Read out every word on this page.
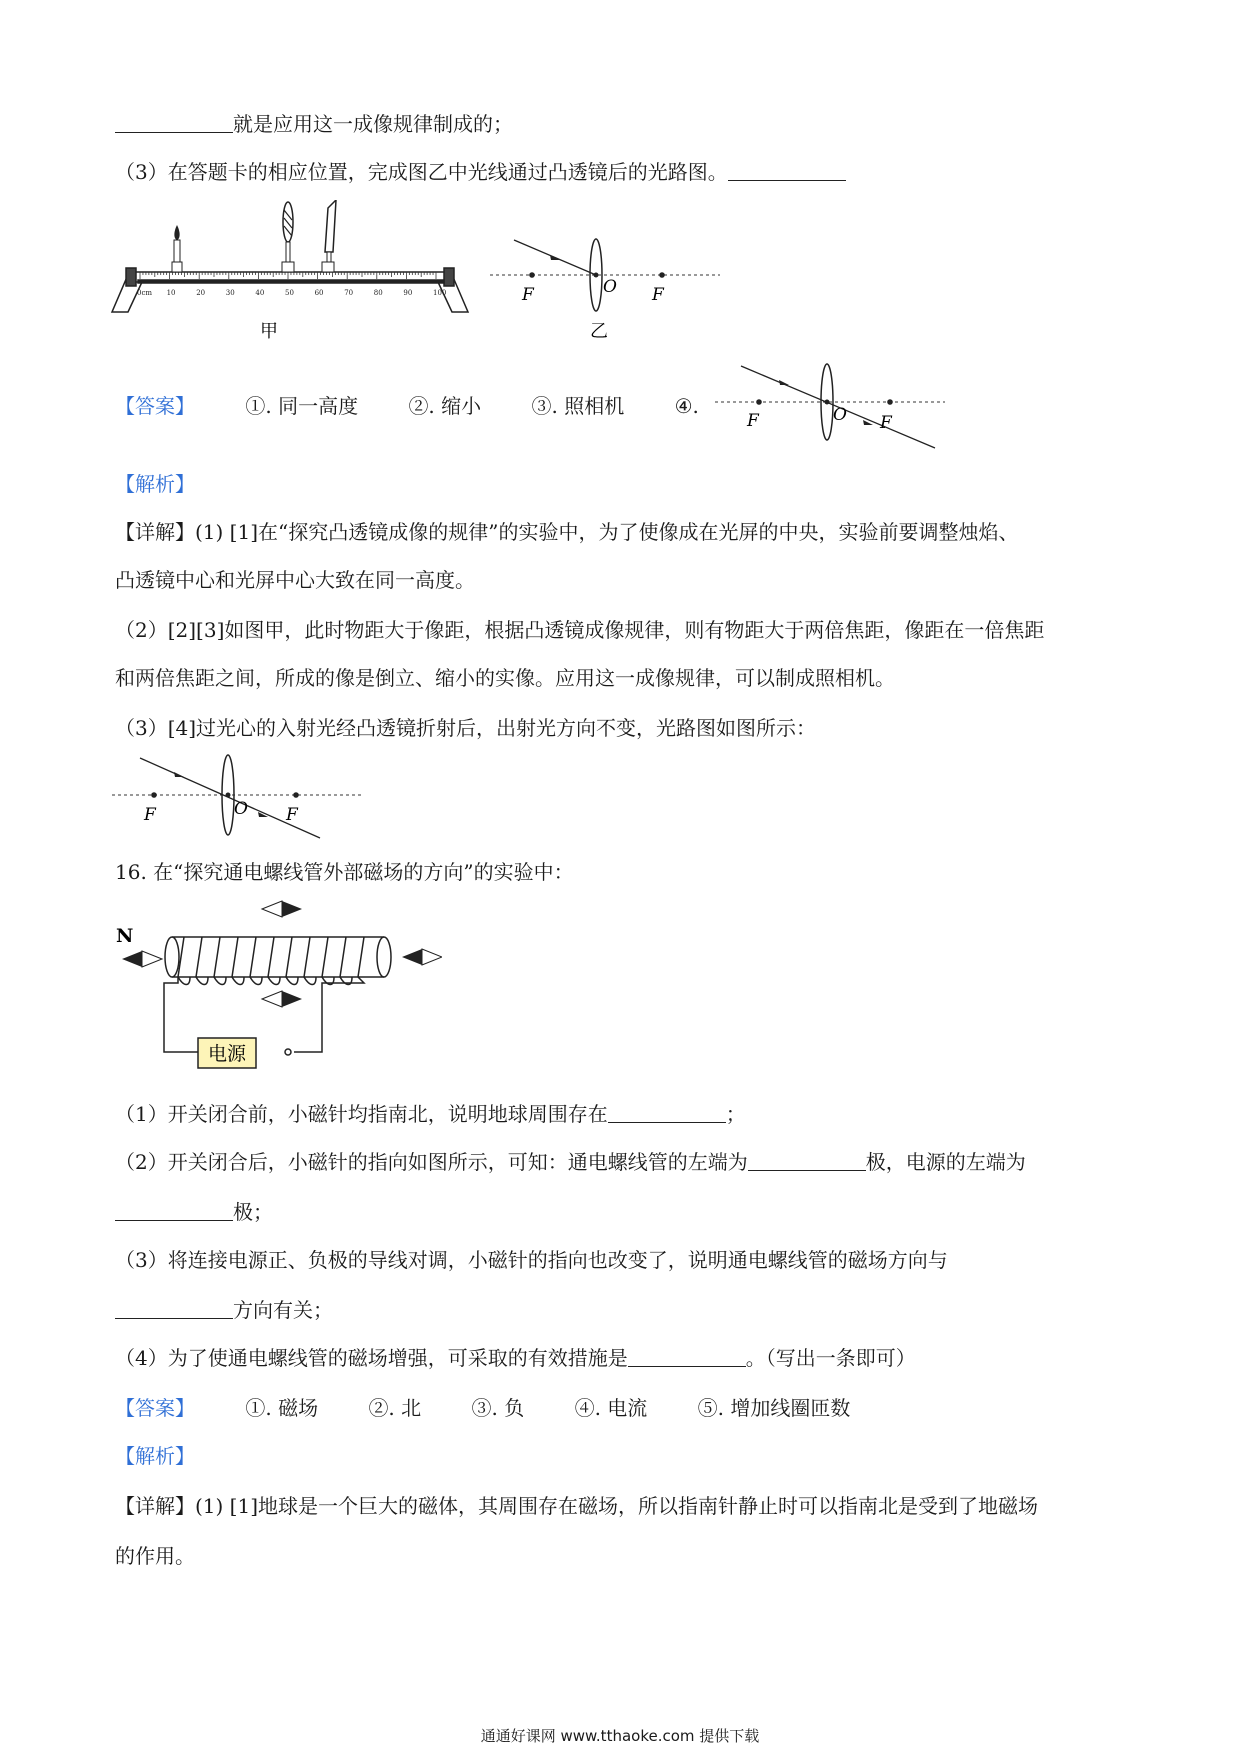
就是应用这一成像规律制成的；
（3）在答题卡的相应位置，完成图乙中光线通过凸透镜后的光路图。
0cm 10	20	30	40	50	60	70	80	90	100
甲
F	O F
乙
【答案】	①. 同一高度	②. 缩小	③. 照相机	④.
F	O F
【解析】
【详解】(1) [1]在“探究凸透镜成像的规律”的实验中，为了使像成在光屏的中央，实验前要调整烛焰、
凸透镜中心和光屏中心大致在同一高度。
（2）[2][3]如图甲，此时物距大于像距，根据凸透镜成像规律，则有物距大于两倍焦距，像距在一倍焦距
和两倍焦距之间，所成的像是倒立、缩小的实像。应用这一成像规律，可以制成照相机。
（3）[4]过光心的入射光经凸透镜折射后，出射光方向不变，光路图如图所示：
F	O F
16. 在“探究通电螺线管外部磁场的方向”的实验中：
N
电源
（1）开关闭合前，小磁针均指南北，说明地球周围存在	；
（2）开关闭合后，小磁针的指向如图所示，可知：通电螺线管的左端为	极，电源的左端为
极；
（3）将连接电源正、负极的导线对调，小磁针的指向也改变了，说明通电螺线管的磁场方向与
方向有关；
（4）为了使通电螺线管的磁场增强，可采取的有效措施是	。（写出一条即可）
【答案】	①. 磁场	②. 北	③. 负	④. 电流	⑤. 增加线圈匝数
【解析】
【详解】(1) [1]地球是一个巨大的磁体，其周围存在磁场，所以指南针静止时可以指南北是受到了地磁场
的作用。
通通好课网 www.tthaoke.com 提供下载
